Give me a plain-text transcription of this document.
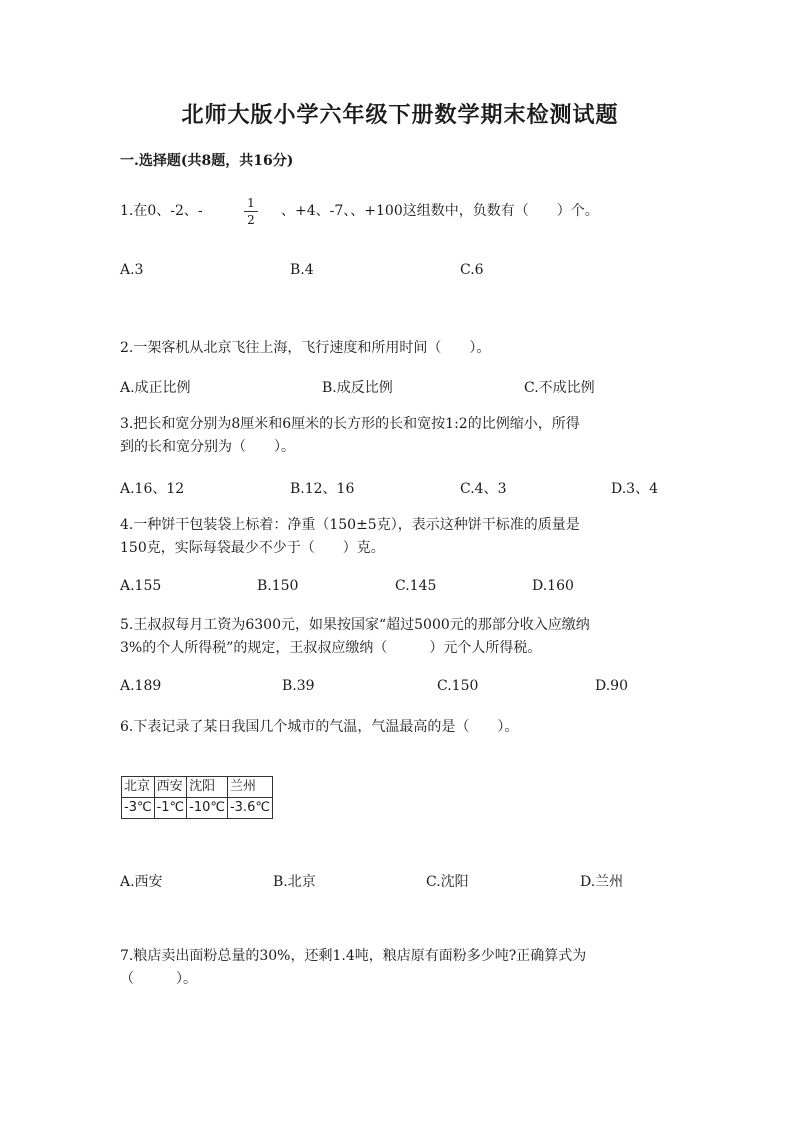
北师大版小学六年级下册数学期末检测试题
一.选择题(共8题，共16分)
1.在0、-2、-	1
2
、+4、-7、、+100这组数中，负数有（　　）个。
A.3	B.4	C.6
2.一架客机从北京飞往上海，飞行速度和所用时间（　　）。
A.成正比例	B.成反比例	C.不成比例
3.把长和宽分别为8厘米和6厘米的长方形的长和宽按1:2的比例缩小，所得
到的长和宽分别为（　　）。
A.16、12	B.12、16	C.4、3	D.3、4
4.一种饼干包装袋上标着：净重（150±5克），表示这种饼干标准的质量是
150克，实际每袋最少不少于（　　）克。
A.155	B.150	C.145	D.160
5.王叔叔每月工资为6300元，如果按国家“超过5000元的那部分收入应缴纳
3%的个人所得税”的规定，王叔叔应缴纳（　　　）元个人所得税。
A.189	B.39	C.150	D.90
6.下表记录了某日我国几个城市的气温，气温最高的是（　　）。
北京	西安	沈阳	兰州
-3℃	-1℃	-10℃	-3.6℃
A.西安	B.北京	C.沈阳	D.兰州
7.粮店卖出面粉总量的30%，还剩1.4吨，粮店原有面粉多少吨?正确算式为
（　　　）。
